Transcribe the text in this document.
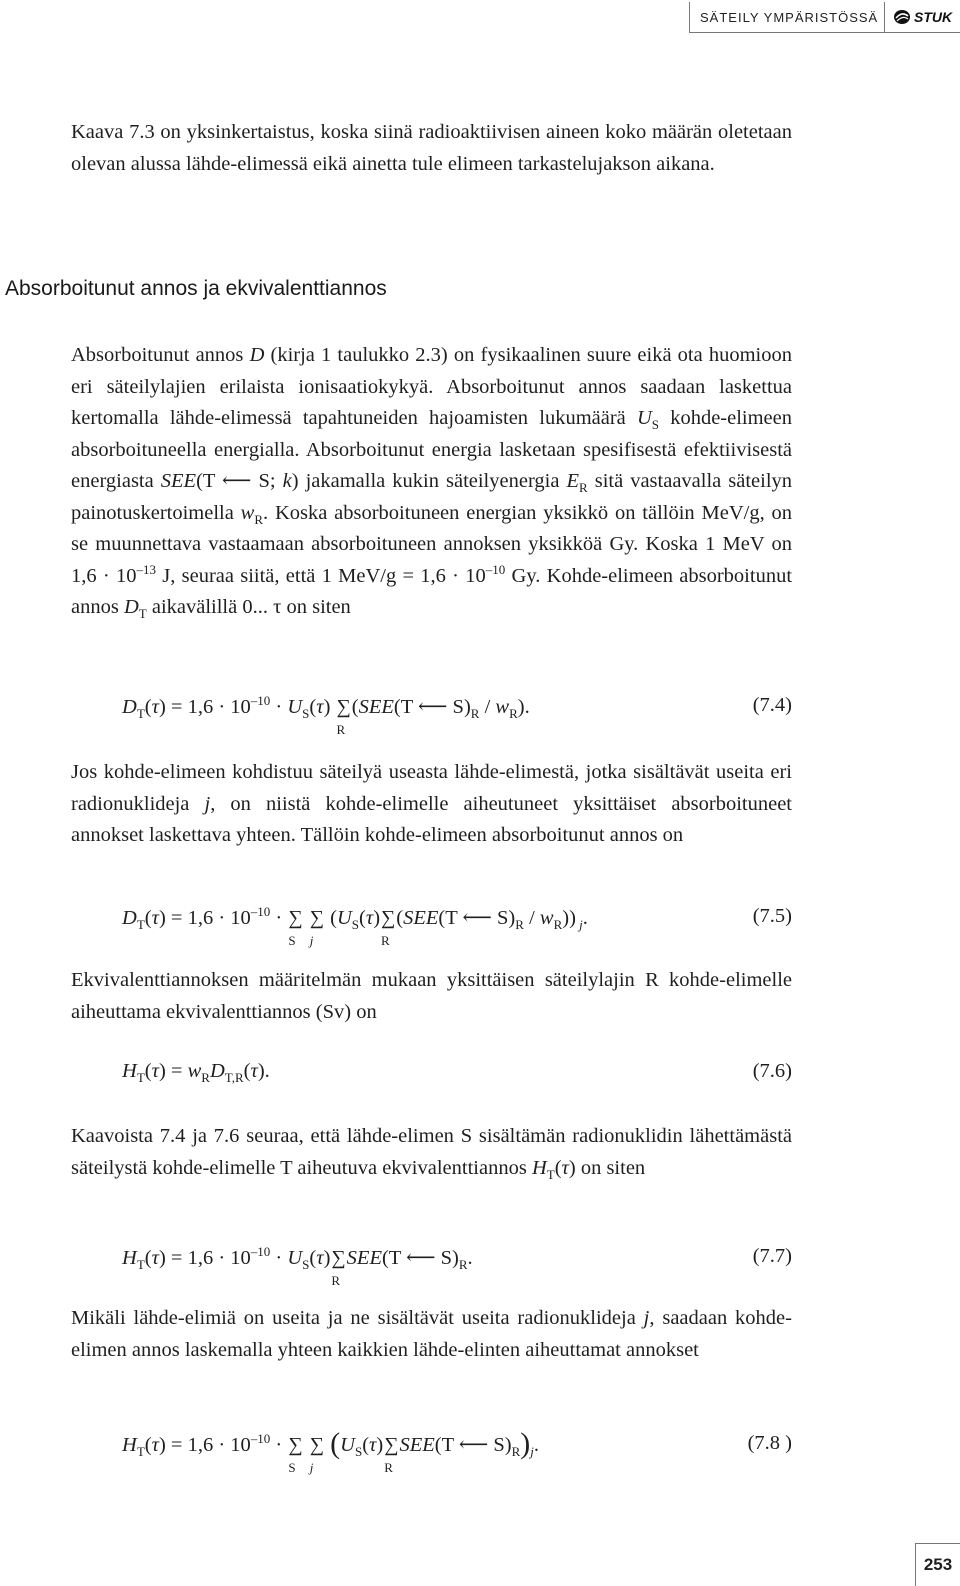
SÄTEILY YMPÄRISTÖSSÄ	STUK

Kaava 7.3 on yksinkertaistus, koska siinä radioaktiivisen aineen koko määrän oletetaan olevan alussa lähde-elimessä eikä ainetta tule elimeen tarkastelujakson aikana.

Absorboitunut annos ja ekvivalenttiannos

Absorboitunut annos D (kirja 1 taulukko 2.3) on fysikaalinen suure eikä ota huomioon eri säteilylajien erilaista ionisaatiokykyä. Absorboitunut annos saadaan laskettua kertomalla lähde-elimessä tapahtuneiden hajoamisten lukumäärä $U_S$ kohde-elimeen absorboituneella energialla. Absorboitunut energia lasketaan spesifisestä efektiivisestä energiasta SEE(T ⟵ S; k) jakamalla kukin säteilyenergia $E_R$ sitä vastaavalla säteilyn painotuskertoimella $w_R$. Koska absorboituneen energian yksikkö on tällöin MeV/g, on se muunnettava vastaamaan absorboituneen annoksen yksikköä Gy. Koska 1 MeV on $1,6 \cdot 10^{-13}$ J, seuraa siitä, että 1 $MeV/g = 1,6 \cdot 10^{-10}$ Gy. Kohde-elimeen absorboitunut annos $D_T$ aikavälillä 0... τ on siten

$D_T(\tau) = 1,6 \cdot 10^{-10} \cdot U_S(\tau)$ ∑
R
(SEE(T ⟵ $S)_R / w_R$).	(7.4)

Jos kohde-elimeen kohdistuu säteilyä useasta lähde-elimestä, jotka sisältävät useita eri radionuklideja j, on niistä kohde-elimelle aiheutuneet yksittäiset absorboituneet annokset laskettava yhteen. Tällöin kohde-elimeen absorboitunut annos on

$D_T(\tau) = 1,6 \cdot 10^{-10}$ · ∑
S
∑
j
($U_S(\tau)\sum$
R
(SEE(T ⟵ $S)_R / w_R$)) $_j$.	(7.5)

Ekvivalenttiannoksen määritelmän mukaan yksittäisen säteilylajin R kohde-elimelle aiheuttama ekvivalenttiannos (Sv) on

$H_T(\tau) = w_RD_{T,R}(\tau)$.	(7.6)

Kaavoista 7.4 ja 7.6 seuraa, että lähde-elimen S sisältämän radionuklidin lähettämästä säteilystä kohde-elimelle T aiheutuva ekvivalenttiannos $H_T(\tau)$ on siten

$H_T(\tau) = 1,6 \cdot 10^{-10} \cdot U_S(\tau)\sum$
R
SEE(T ⟵ $S)_R$.	(7.7)

Mikäli lähde-elimiä on useita ja ne sisältävät useita radionuklideja j, saadaan kohde-elimen annos laskemalla yhteen kaikkien lähde-elinten aiheuttamat annokset

$H_T(\tau) = 1,6 \cdot 10^{-10}$ · ∑
S
∑
j
($U_S(\tau)\sum$
R
SEE(T ⟵ $S)_R)_j$.	(7.8 )
253
